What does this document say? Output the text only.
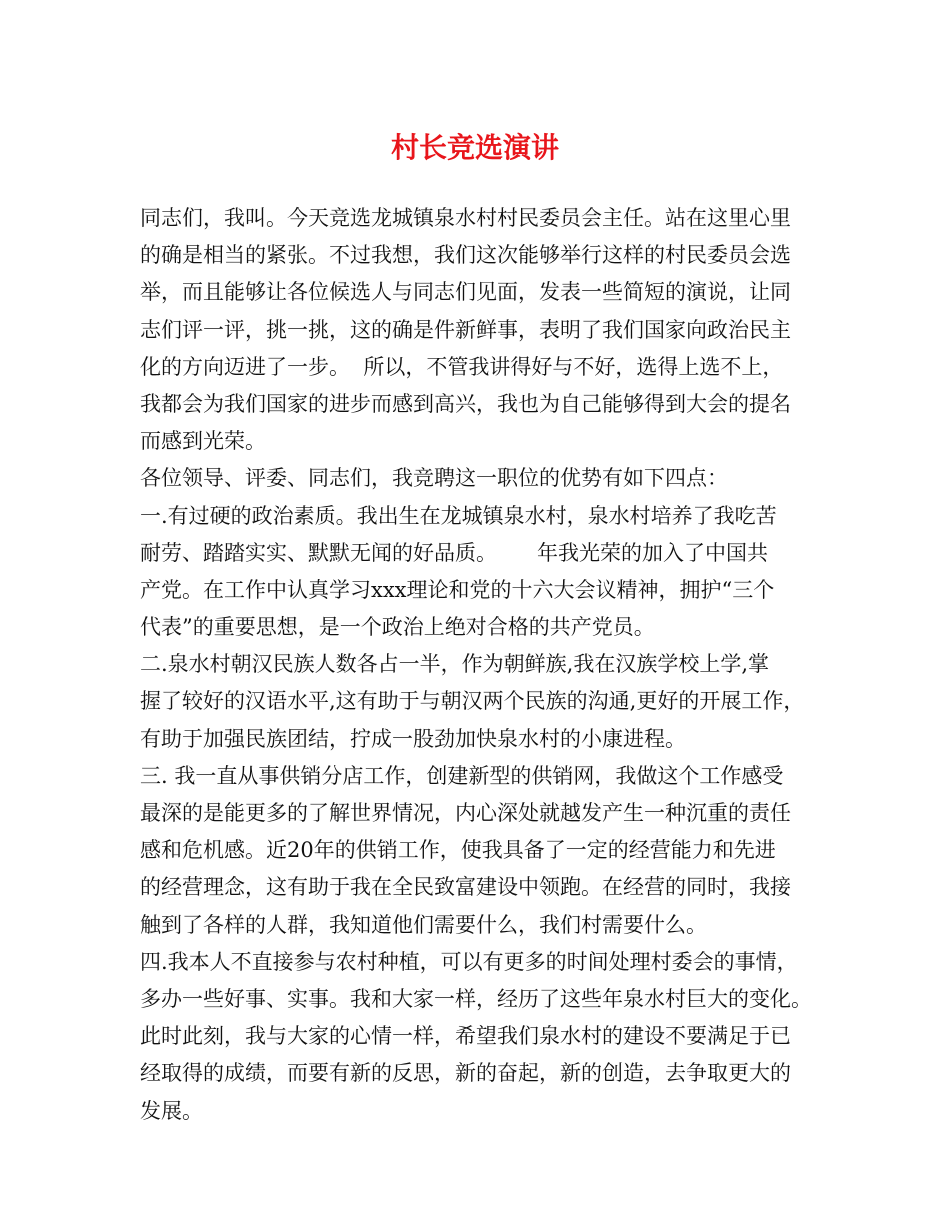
村长竞选演讲
同志们，我叫。今天竞选龙城镇泉水村村民委员会主任。站在这里心里
的确是相当的紧张。不过我想，我们这次能够举行这样的村民委员会选
举，而且能够让各位候选人与同志们见面，发表一些简短的演说，让同
志们评一评，挑一挑，这的确是件新鲜事，表明了我们国家向政治民主
化的方向迈进了一步。  所以，不管我讲得好与不好，选得上选不上，
我都会为我们国家的进步而感到高兴，我也为自己能够得到大会的提名
而感到光荣。
各位领导、评委、同志们，我竞聘这一职位的优势有如下四点：
一.有过硬的政治素质。我出生在龙城镇泉水村，泉水村培养了我吃苦
耐劳、踏踏实实、默默无闻的好品质。      年我光荣的加入了中国共
产党。在工作中认真学习xxx理论和党的十六大会议精神，拥护“三个
代表”的重要思想，是一个政治上绝对合格的共产党员。
二.泉水村朝汉民族人数各占一半，作为朝鲜族,我在汉族学校上学,掌
握了较好的汉语水平,这有助于与朝汉两个民族的沟通,更好的开展工作，
有助于加强民族团结，拧成一股劲加快泉水村的小康进程。
三. 我一直从事供销分店工作，创建新型的供销网，我做这个工作感受
最深的是能更多的了解世界情况，内心深处就越发产生一种沉重的责任
感和危机感。近20年的供销工作，使我具备了一定的经营能力和先进
的经营理念，这有助于我在全民致富建设中领跑。在经营的同时，我接
触到了各样的人群，我知道他们需要什么，我们村需要什么。
四.我本人不直接参与农村种植，可以有更多的时间处理村委会的事情，
多办一些好事、实事。我和大家一样，经历了这些年泉水村巨大的变化。
此时此刻，我与大家的心情一样，希望我们泉水村的建设不要满足于已
经取得的成绩，而要有新的反思，新的奋起，新的创造，去争取更大的
发展。
